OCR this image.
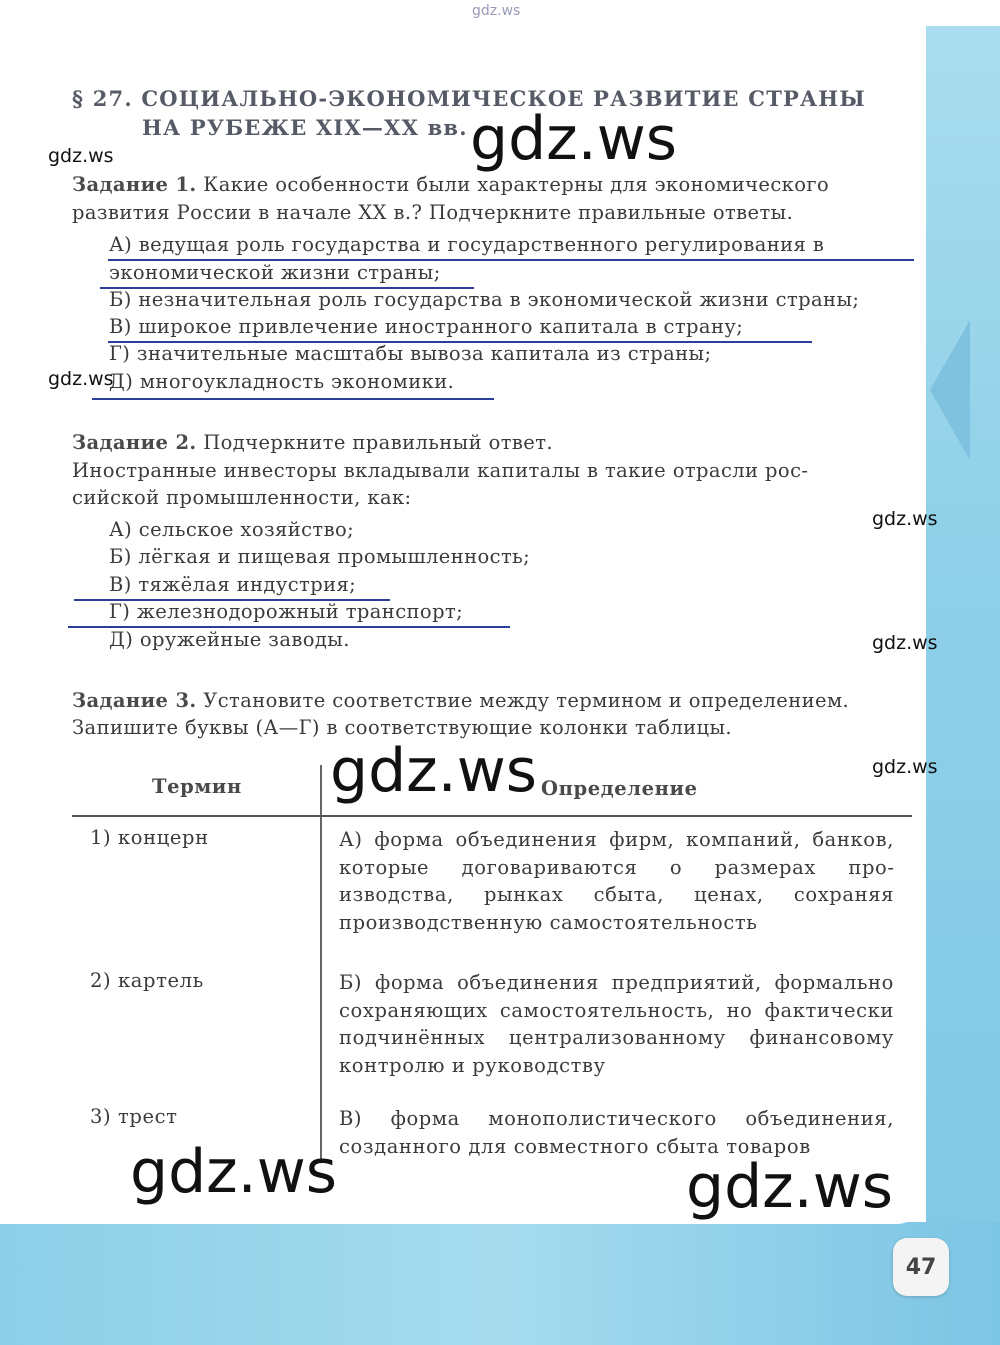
gdz.ws
§ 27. СОЦИАЛЬНО-ЭКОНОМИЧЕСКОЕ РАЗВИТИЕ СТРАНЫ
НА РУБЕЖЕ XIX—XX вв. gdz.ws
gdz.ws
Задание 1. Какие особенности были характерны для экономического
развития России в начале XX в.? Подчеркните правильные ответы.
А) ведущая роль государства и государственного регулирования в
экономической жизни страны;
Б) незначительная роль государства в экономической жизни страны;
В) широкое привлечение иностранного капитала в страну;
Г) значительные масштабы вывоза капитала из страны;
Д) многоукладность экономики.
gdz.ws
Задание 2. Подчеркните правильный ответ.
Иностранные инвесторы вкладывали капиталы в такие отрасли рос-
сийской промышленности, как:
gdz.ws
А) сельское хозяйство;
Б) лёгкая и пищевая промышленность;
В) тяжёлая индустрия;
Г) железнодорожный транспорт;
Д) оружейные заводы.	gdz.ws
Задание 3. Установите соответствие между термином и определением.
Запишите буквы (А—Г) в соответствующие колонки таблицы.
gdz.ws
Термин	Определение
gdz.ws
1) концерн	А) форма объединения фирм, компаний, банков, которые договариваются о размерах производства, рынках сбыта, ценах, сохраняя производственную самостоятельность
2) картель	Б) форма объединения предприятий, формально сохраняющих самостоятельность, но фактически подчинённых централизованному финансовому контролю и руководству
3) трест	В) форма монополистического объединения, созданного для совместного сбыта товаров
gdz.ws	gdz.ws
47
